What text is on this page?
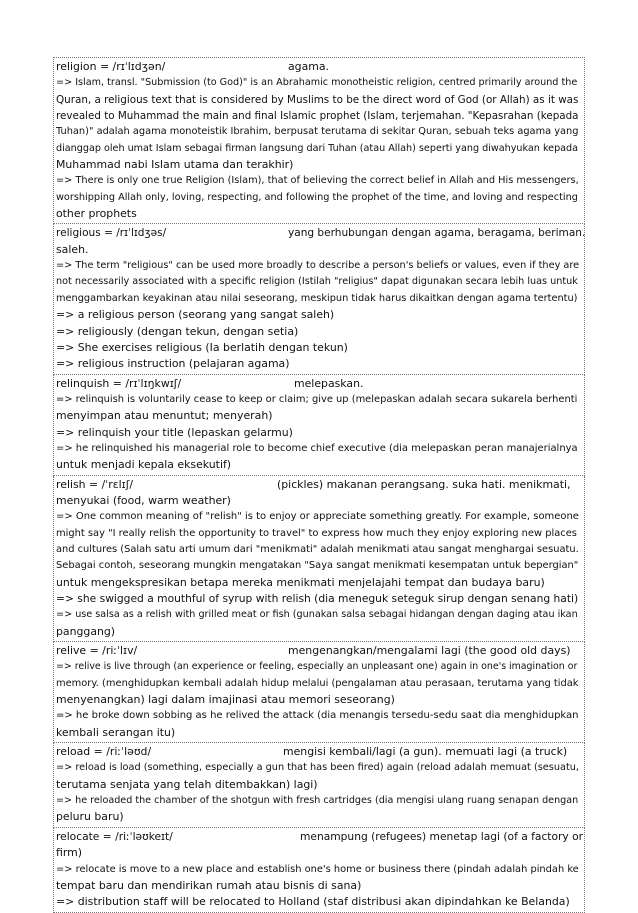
religion = /rɪˈlɪdʒən/	agama.
=> Islam, transl. "Submission (to God)" is an Abrahamic monotheistic religion, centred primarily around the
Quran, a religious text that is considered by Muslims to be the direct word of God (or Allah) as it was
revealed to Muhammad the main and final Islamic prophet (Islam, terjemahan. "Kepasrahan (kepada
Tuhan)" adalah agama monoteistik Ibrahim, berpusat terutama di sekitar Quran, sebuah teks agama yang
dianggap oleh umat Islam sebagai firman langsung dari Tuhan (atau Allah) seperti yang diwahyukan kepada
Muhammad nabi Islam utama dan terakhir)
=> There is only one true Religion (Islam), that of believing the correct belief in Allah and His messengers,
worshipping Allah only, loving, respecting, and following the prophet of the time, and loving and respecting
other prophets
religious = /rɪˈlɪdʒəs/	yang berhubungan dengan agama, beragama, beriman.
saleh.
=> The term "religious" can be used more broadly to describe a person's beliefs or values, even if they are
not necessarily associated with a specific religion (Istilah "religius" dapat digunakan secara lebih luas untuk
menggambarkan keyakinan atau nilai seseorang, meskipun tidak harus dikaitkan dengan agama tertentu)
=> a religious person (seorang yang sangat saleh)
=> religiously (dengan tekun, dengan setia)
=> She exercises religious (Ia berlatih dengan tekun)
=> religious instruction (pelajaran agama)
relinquish = /rɪˈlɪŋkwɪʃ/	melepaskan.
=> relinquish is voluntarily cease to keep or claim; give up (melepaskan adalah secara sukarela berhenti
menyimpan atau menuntut; menyerah)
=> relinquish your title (lepaskan gelarmu)
=> he relinquished his managerial role to become chief executive (dia melepaskan peran manajerialnya
untuk menjadi kepala eksekutif)
relish = /ˈrɛlɪʃ/	(pickles) makanan perangsang. suka hati. menikmati,
menyukai (food, warm weather)
=> One common meaning of "relish" is to enjoy or appreciate something greatly. For example, someone
might say "I really relish the opportunity to travel" to express how much they enjoy exploring new places
and cultures (Salah satu arti umum dari "menikmati" adalah menikmati atau sangat menghargai sesuatu.
Sebagai contoh, seseorang mungkin mengatakan "Saya sangat menikmati kesempatan untuk bepergian"
untuk mengekspresikan betapa mereka menikmati menjelajahi tempat dan budaya baru)
=> she swigged a mouthful of syrup with relish (dia meneguk seteguk sirup dengan senang hati)
=> use salsa as a relish with grilled meat or fish (gunakan salsa sebagai hidangan dengan daging atau ikan
panggang)
relive = /riːˈlɪv/	mengenangkan/mengalami lagi (the good old days)
=> relive is live through (an experience or feeling, especially an unpleasant one) again in one's imagination or
memory. (menghidupkan kembali adalah hidup melalui (pengalaman atau perasaan, terutama yang tidak
menyenangkan) lagi dalam imajinasi atau memori seseorang)
=> he broke down sobbing as he relived the attack (dia menangis tersedu-sedu saat dia menghidupkan
kembali serangan itu)
reload = /riːˈləʊd/	mengisi kembali/lagi (a gun). memuati lagi (a truck)
=> reload is load (something, especially a gun that has been fired) again (reload adalah memuat (sesuatu,
terutama senjata yang telah ditembakkan) lagi)
=> he reloaded the chamber of the shotgun with fresh cartridges (dia mengisi ulang ruang senapan dengan
peluru baru)
relocate = /riːˈləʊkeɪt/	menampung (refugees) menetap lagi (of a factory or
firm)
=> relocate is move to a new place and establish one's home or business there (pindah adalah pindah ke
tempat baru dan mendirikan rumah atau bisnis di sana)
=> distribution staff will be relocated to Holland (staf distribusi akan dipindahkan ke Belanda)
